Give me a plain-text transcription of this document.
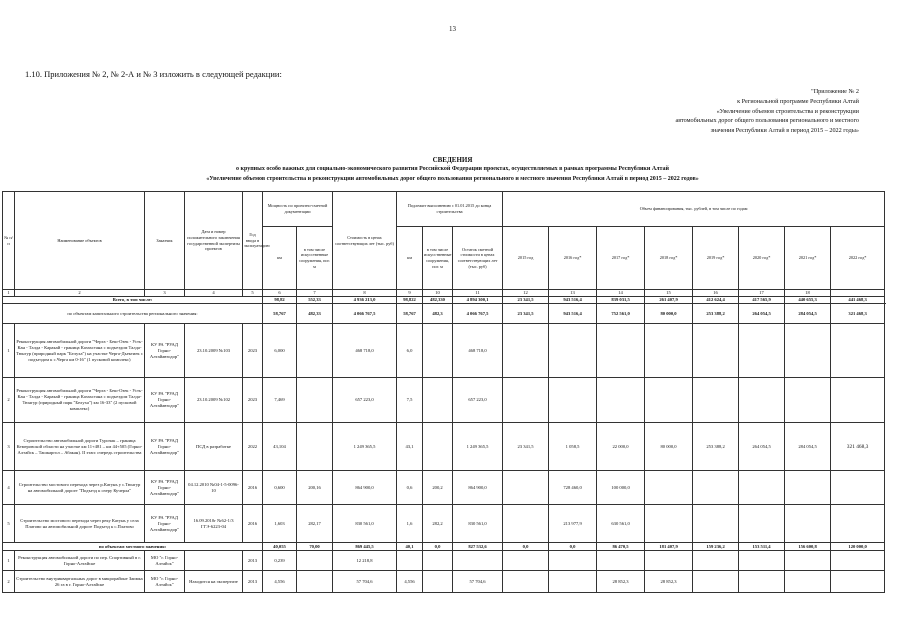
13
1.10. Приложения № 2, № 2-А и № 3 изложить в следующей редакции:
"Приложение № 2
к Региональной программе Республики Алтай
«Увеличение объемов строительства и реконструкции
автомобильных дорог общего пользования регионального и местного
значения Республики Алтай в период 2015 – 2022 годы»
СВЕДЕНИЯ
о крупных особо важных для социально-экономического развития Российской Федерации проектах, осуществляемых в рамках программы Республики Алтай
«Увеличение объемов строительства и реконструкции автомобильных дорог общего пользования регионального и местного значения Республики Алтай в период 2015 – 2022 годов»
№ п/п	Наименование объектов	Заказчик	Дата и номер положительного заключения государственной экспертизы проектов	Год ввода в эксплуатацию	Мощность по проектно-сметной документации		Стоимость в ценах соответствующих лет (тыс. руб)	Подлежит выполнению с 01.01.2015 до конца строительства			Объем финансирования, тыс. рублей, в том числе по годам							
					км	в том числе искусственные сооружения, пог. м		км	в том числе искусственные сооружения, пог. м	Остаток сметной стоимости в ценах соответствующих лет (тыс. руб)	2015 год	2016 год*	2017 год*	2018 год*	2019 год*	2020 год*	2021 год*	2022 год*
1	2	3	4	5	6	7	8	9	10	11	12	13	14	15	16	17	18	
Всего, в том числе:					98,82	552,33	4 936 213,0	98,822	482,330	4 894 300,1	23 341,5	943 516,4	839 031,5	261 407,9	412 624,4	417 565,9	440 655,3	441 468,3
по объектам капитального строительства регионального значения:					58,767	482,33	4 066 767,5	58,767	482,3	4 066 767,5	23 341,5	943 516,4	752 561,0	80 000,0	253 388,2	264 054,5	284 054,5	321 468,3
1	Реконструкция автомобильной дороги "Черга - Беш-Озек - Усть-Кан - Талда - Каракай - граница Казахстана с подъездом Талда-Тюнгур (природный парк "Белуха") на участке Черга-Дьектиек с подъездом к с.Черга км 0-16" (1 пусковой комплекс)	КУ РА "РУАД Горно-Алтайавтодор"	23.10.2009 №103	2023	6,000		468 718,0	6,0		468 718,0								
2	Реконструкция автомобильной дороги "Черга - Беш-Озек - Усть-Кан - Талда - Каракай - граница Казахстана с подъездом Талда-Тюнгур (природный парк "Белуха") км 16-33" (2 пусковой комплекс)	КУ РА "РУАД Горно-Алтайавтодор"	23.10.2009 №102	2023	7,469		657 223,0	7,5		657 223,0								
3	Строительство автомобильной дороги Турочак – граница Кемеровской области на участке км 11+481 – км 44+505 (Горно-Алтайск – Ташкаргол – Абакан). II этап: очередь строительства	КУ РА "РУАД Горно-Алтайавтодор"	ПСД в разработке	2022	43,104		1 249 365,5	43,1		1 249 365,5	23 341,5	1 058,5	22 000,0	80 000,0	253 388,2	264 054,5	284 054,5	321 468,3
4	Строительство мостового перехода через р.Катунь у с.Тюнгур на автомобильной дороге "Подъезд к озеру Кучерла"	КУ РА "РУАД Горно-Алтайавтодор"	04.12.2010 №04-1-5-0096-10	2016	0,600	200,16	864 900,0	0,6	200,2	864 900,0		728 460,0	100 000,0					
5	Строительство мостового перехода через реку Катунь у села Платово на автомобильной дороге Подъезд к с.Платово	КУ РА "РУАД Горно-Алтайавтодор"	16.09.2010г №62-1/3 ГГЭ-6223-04	2016	1,603	282,17	830 561,0	1,6	282,2	830 561,0		213 977,9	630 561,0					
по объектам местного значения:					40,055	70,00	869 445,5	40,1	0,0	827 532,6	0,0	0,0	86 470,5	181 407,9	159 236,2	153 511,4	156 600,8	120 000,0
1	Реконструкция автомобильной дороги по пер. Спортивный в г. Горно-Алтайске	МО "г. Горно-Алтайск"		2013	0,239		12 218,8											
2	Строительство внутриквартальных дорог в микрорайоне Заимка 26 га в г. Горно-Алтайске	МО "г. Горно-Алтайск"	Находится на экспертизе	2013	4,556		57 704,6	4,556		57 704,6			28 852,3	28 852,3				
